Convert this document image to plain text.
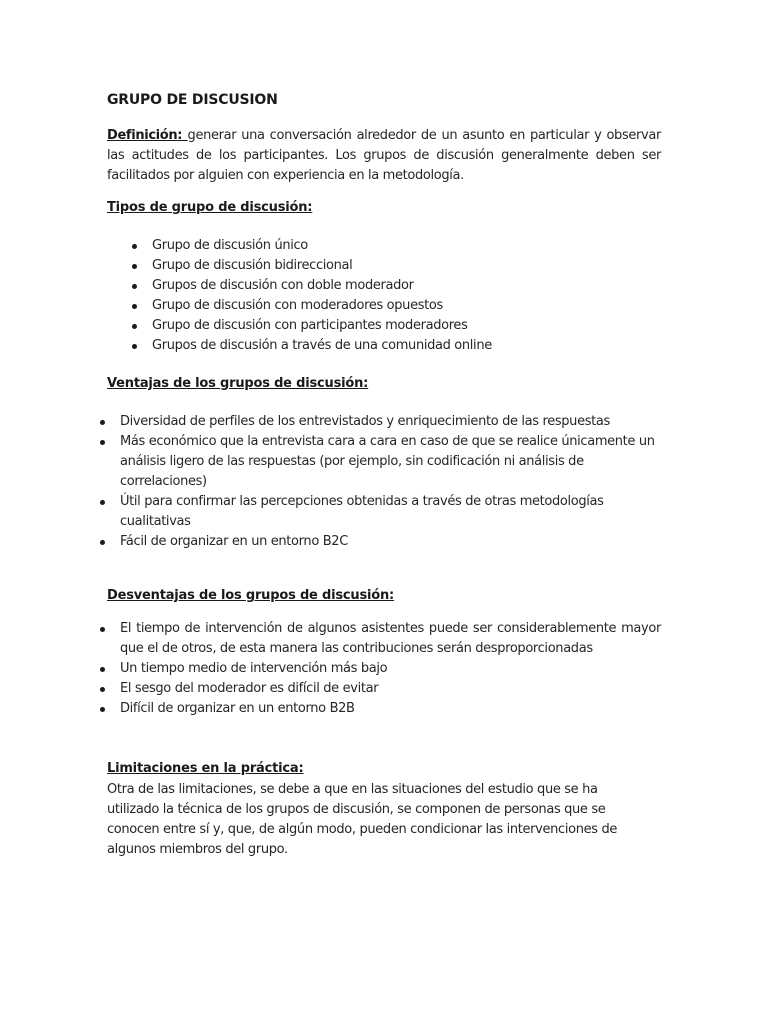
GRUPO DE DISCUSION

Definición: generar una conversación alrededor de un asunto en particular y observar las actitudes de los participantes. Los grupos de discusión generalmente deben ser facilitados por alguien con experiencia en la metodología.

Tipos de grupo de discusión:
Grupo de discusión único
Grupo de discusión bidireccional
Grupos de discusión con doble moderador
Grupo de discusión con moderadores opuestos
Grupo de discusión con participantes moderadores
Grupos de discusión a través de una comunidad online
Ventajas de los grupos de discusión:
Diversidad de perfiles de los entrevistados y enriquecimiento de las respuestas
Más económico que la entrevista cara a cara en caso de que se realice únicamente un análisis ligero de las respuestas (por ejemplo, sin codificación ni análisis de correlaciones)
Útil para confirmar las percepciones obtenidas a través de otras metodologías cualitativas
Fácil de organizar en un entorno B2C
Desventajas de los grupos de discusión:
El tiempo de intervención de algunos asistentes puede ser considerablemente mayor que el de otros, de esta manera las contribuciones serán desproporcionadas
Un tiempo medio de intervención más bajo
El sesgo del moderador es difícil de evitar
Difícil de organizar en un entorno B2B
Limitaciones en la práctica:

Otra de las limitaciones, se debe a que en las situaciones del estudio que se ha utilizado la técnica de los grupos de discusión, se componen de personas que se conocen entre sí y, que, de algún modo, pueden condicionar las intervenciones de algunos miembros del grupo.
